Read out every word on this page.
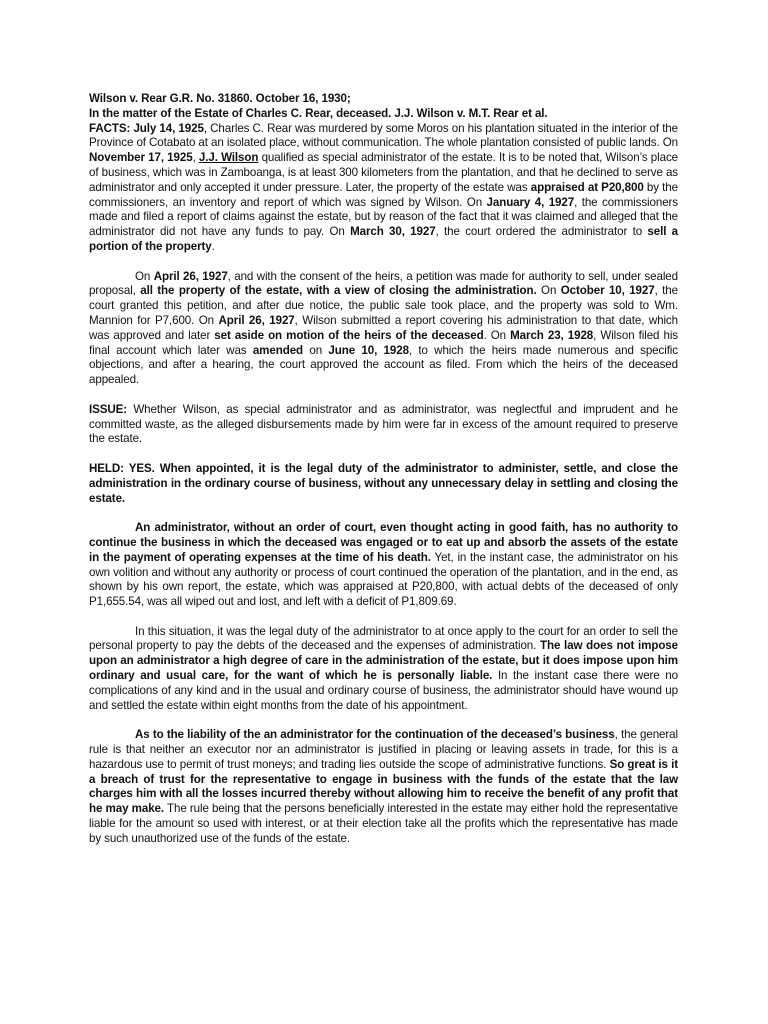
Wilson v. Rear G.R. No. 31860. October 16, 1930;

In the matter of the Estate of Charles C. Rear, deceased. J.J. Wilson v. M.T. Rear et al.

FACTS: July 14, 1925, Charles C. Rear was murdered by some Moros on his plantation situated in the interior of the Province of Cotabato at an isolated place, without communication. The whole plantation consisted of public lands. On November 17, 1925, J.J. Wilson qualified as special administrator of the estate. It is to be noted that, Wilson’s place of business, which was in Zamboanga, is at least 300 kilometers from the plantation, and that he declined to serve as administrator and only accepted it under pressure. Later, the property of the estate was appraised at P20,800 by the commissioners, an inventory and report of which was signed by Wilson. On January 4, 1927, the commissioners made and filed a report of claims against the estate, but by reason of the fact that it was claimed and alleged that the administrator did not have any funds to pay. On March 30, 1927, the court ordered the administrator to sell a portion of the property.

On April 26, 1927, and with the consent of the heirs, a petition was made for authority to sell, under sealed proposal, all the property of the estate, with a view of closing the administration. On October 10, 1927, the court granted this petition, and after due notice, the public sale took place, and the property was sold to Wm. Mannion for P7,600. On April 26, 1927, Wilson submitted a report covering his administration to that date, which was approved and later set aside on motion of the heirs of the deceased. On March 23, 1928, Wilson filed his final account which later was amended on June 10, 1928, to which the heirs made numerous and specific objections, and after a hearing, the court approved the account as filed. From which the heirs of the deceased appealed.

ISSUE: Whether Wilson, as special administrator and as administrator, was neglectful and imprudent and he committed waste, as the alleged disbursements made by him were far in excess of the amount required to preserve the estate.

HELD: YES. When appointed, it is the legal duty of the administrator to administer, settle, and close the administration in the ordinary course of business, without any unnecessary delay in settling and closing the estate.

An administrator, without an order of court, even thought acting in good faith, has no authority to continue the business in which the deceased was engaged or to eat up and absorb the assets of the estate in the payment of operating expenses at the time of his death. Yet, in the instant case, the administrator on his own volition and without any authority or process of court continued the operation of the plantation, and in the end, as shown by his own report, the estate, which was appraised at P20,800, with actual debts of the deceased of only P1,655.54, was all wiped out and lost, and left with a deficit of P1,809.69.

In this situation, it was the legal duty of the administrator to at once apply to the court for an order to sell the personal property to pay the debts of the deceased and the expenses of administration. The law does not impose upon an administrator a high degree of care in the administration of the estate, but it does impose upon him ordinary and usual care, for the want of which he is personally liable. In the instant case there were no complications of any kind and in the usual and ordinary course of business, the administrator should have wound up and settled the estate within eight months from the date of his appointment.

As to the liability of the an administrator for the continuation of the deceased’s business, the general rule is that neither an executor nor an administrator is justified in placing or leaving assets in trade, for this is a hazardous use to permit of trust moneys; and trading lies outside the scope of administrative functions. So great is it a breach of trust for the representative to engage in business with the funds of the estate that the law charges him with all the losses incurred thereby without allowing him to receive the benefit of any profit that he may make. The rule being that the persons beneficially interested in the estate may either hold the representative liable for the amount so used with interest, or at their election take all the profits which the representative has made by such unauthorized use of the funds of the estate.
